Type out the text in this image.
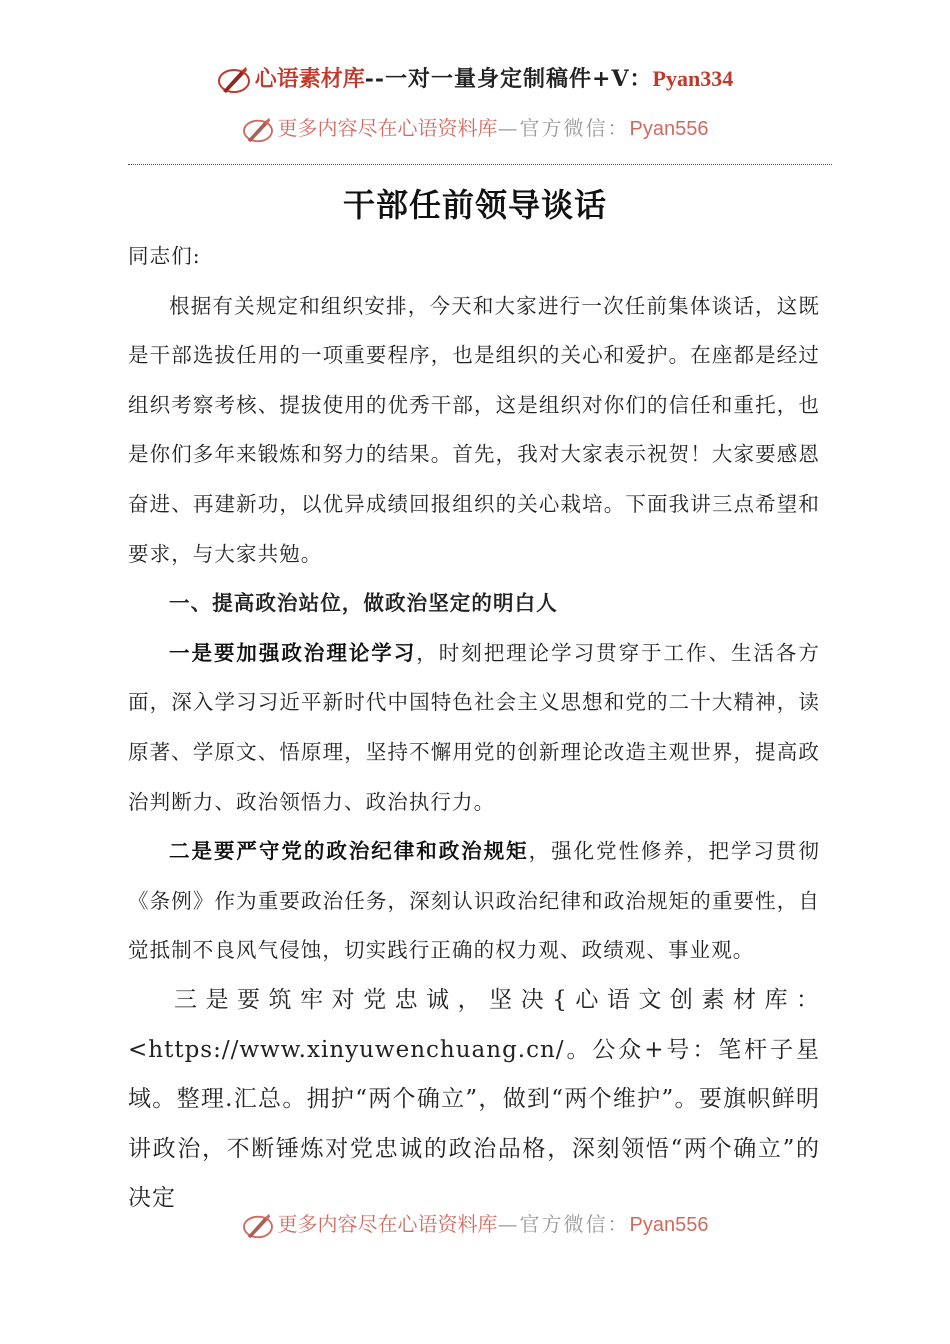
心语素材库--一对一量身定制稿件+V：Pyan334
更多内容尽在心语资料库—官方微信：Pyan556
干部任前领导谈话

同志们:

根据有关规定和组织安排，今天和大家进行一次任前集体谈话，这既是干部选拔任用的一项重要程序，也是组织的关心和爱护。在座都是经过组织考察考核、提拔使用的优秀干部，这是组织对你们的信任和重托，也是你们多年来锻炼和努力的结果。首先，我对大家表示祝贺！大家要感恩奋进、再建新功，以优异成绩回报组织的关心栽培。下面我讲三点希望和要求，与大家共勉。

一、提高政治站位，做政治坚定的明白人

一是要加强政治理论学习，时刻把理论学习贯穿于工作、生活各方面，深入学习习近平新时代中国特色社会主义思想和党的二十大精神，读原著、学原文、悟原理，坚持不懈用党的创新理论改造主观世界，提高政治判断力、政治领悟力、政治执行力。

二是要严守党的政治纪律和政治规矩，强化党性修养，把学习贯彻《条例》作为重要政治任务，深刻认识政治纪律和政治规矩的重要性，自觉抵制不良风气侵蚀，切实践行正确的权力观、政绩观、事业观。

三是要筑牢对党忠诚，坚决{心语文创素材库：<https://www.xinyuwenchuang.cn/。公众+号：笔杆子星域。整理.汇总。拥护“两个确立”，做到“两个维护”。要旗帜鲜明讲政治，不断锤炼对党忠诚的政治品格，深刻领悟“两个确立”的决定

更多内容尽在心语资料库—官方微信：Pyan556
